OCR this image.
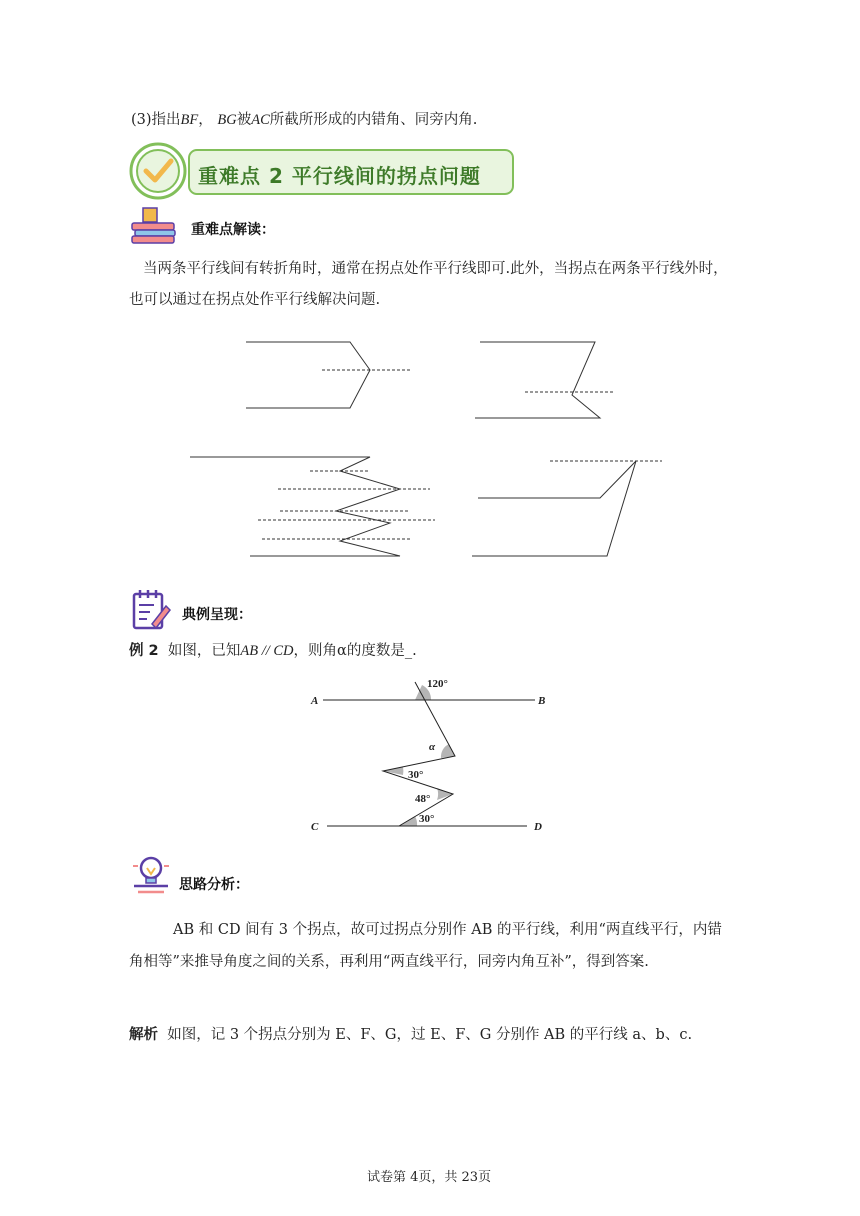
(3)指出BF， BG被AC所截所形成的内错角、同旁内角.
重难点 2 平行线间的拐点问题
重难点解读：
当两条平行线间有转折角时，通常在拐点处作平行线即可.此外，当拐点在两条平行线外时，也可以通过在拐点处作平行线解决问题.
典例呈现：
例 2 如图，已知AB // CD，则角α的度数是_.
A	B
C	D
120°
α
30°
48°
30°
思路分析：
AB 和 CD 间有 3 个拐点，故可过拐点分别作 AB 的平行线，利用“两直线平行，内错角相等”来推导角度之间的关系，再利用“两直线平行，同旁内角互补”，得到答案.
解析 如图，记 3 个拐点分别为 E、F、G，过 E、F、G 分别作 AB 的平行线 a、b、c.
试卷第 4页，共 23页
